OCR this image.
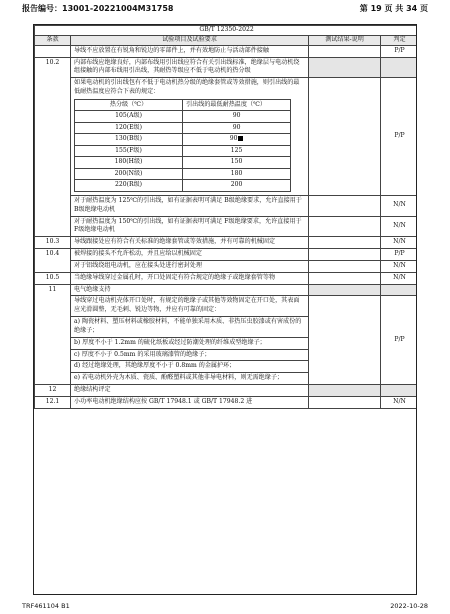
报告编号：13001-20221004M31758	第 19 页 共 34 页
GB/T 12350-2022
条款	试验项目及试验要求	测试结果-说明	判定
	导线不应放置在有锐角和锐边的零部件上，并有效地防止与活动部件接触		P/P
10.2	内部布线应绝缘良好，内部布线用引出线应符合有关引出线标准，绝缘层与电动机绕组接触的内部布线用引出线，其耐热等级应不低于电动机的热分级		

如果电动机的引出线包有不低于电动机热分级的绝缘套管或等效措施，则引出线的最低耐热温度应符合下表的规定：
热分级（℃）	引出线的最低耐热温度（℃）
105(A级)	90
120(E级)	90
130(B级)	90
155(F级)	125
180(H级)	150
200(N级)	180
220(R级)	200
		P/P
对于耐热温度为 125℃的引出线，如有证据表明可满足 B级绝缘要求，允许直接用于 B级绝缘电动机		N/N
对于耐热温度为 150℃的引出线，如有证据表明可满足 F级绝缘要求，允许直接用于 F级绝缘电动机		N/N
10.3	导线跟接处应有符合有关标准的绝缘套管或等效措施，并有可靠的机械固定		N/N
10.4	被焊接的接头不允许松动，并且应给以机械固定		P/P
对于铝线绕组电动机，应在接头处进行密封处理		N/N
10.5	当绝缘导线穿过金属孔时，开口处固定有符合规定的绝缘子或绝缘套管等物		N/N
11	电气绝缘支持		
导线穿过电动机壳体开口处时，有规定的绝缘子或其他等效物固定在开口处，其表面应光滑圆整，无毛刺、锐边等物，并应有可靠的固定：		P/P
a) 陶瓷材料、塑压材料或橡胶材料，不能单独采用木质、非热压虫胶漆或有害成份的绝缘子；
b) 厚度不小于 1.2mm 的硫化纸板或经过防潮处理的纤维成型绝缘子；
c) 厚度不小于 0.5mm 的采用玻璃漆管的绝缘子；
d) 经过绝缘处理，其绝缘厚度不小于 0.8mm 的金属护环；
e) 若电动机外壳为木质、瓷质、酚醛塑料或其他非导电材料，则无需绝缘子；
12	绝缘结构评定		
12.1	小功率电动机绝缘结构应按 GB/T 17948.1 或 GB/T 17948.2 进		N/N
TRF461104 B1	2022-10-28
